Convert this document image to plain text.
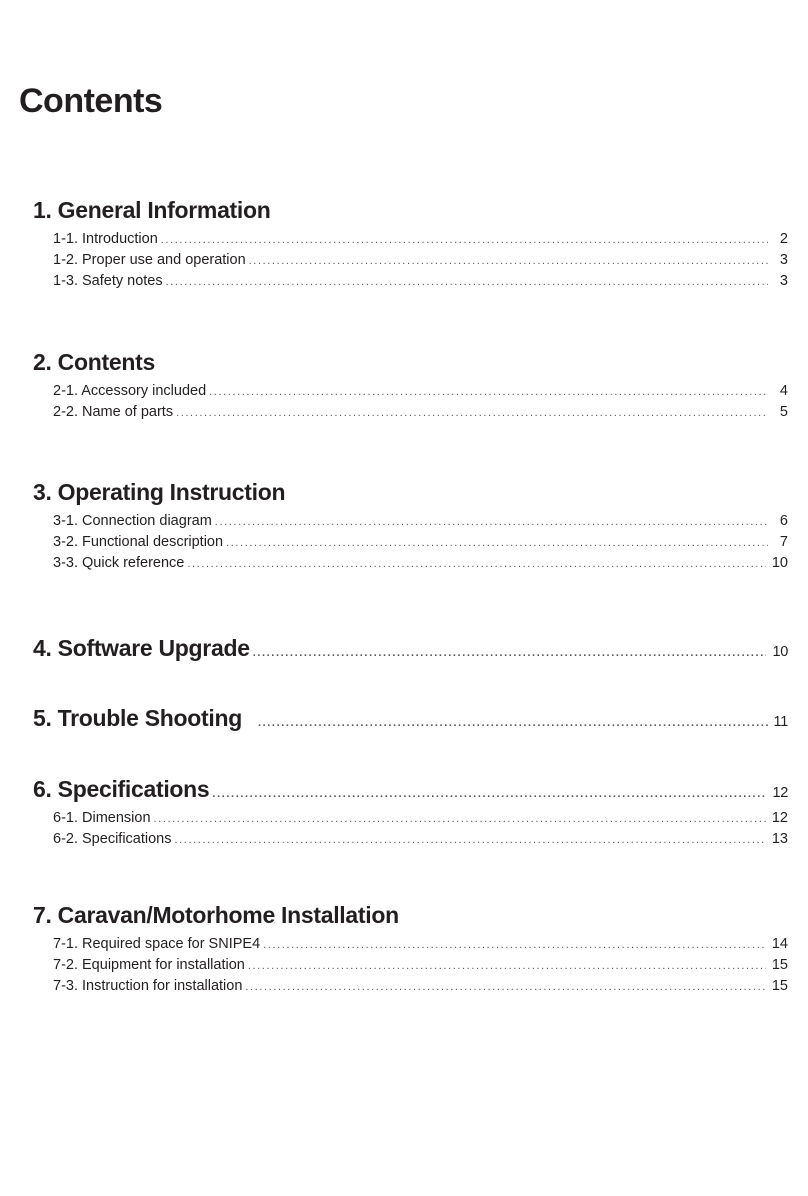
Contents
1. General Information
1-1. Introduction .....	2
1-2. Proper use and operation .....	3
1-3. Safety notes .....	3
2. Contents
2-1. Accessory included .....	4
2-2. Name of parts .....	5
3. Operating Instruction
3-1. Connection diagram .....	6
3-2. Functional description .....	7
3-3. Quick reference .....	10
4. Software Upgrade .....	10
5. Trouble Shooting .....	11
6. Specifications .....	12
6-1. Dimension .....	12
6-2. Specifications .....	13
7. Caravan/Motorhome Installation
7-1. Required space for SNIPE4 .....	14
7-2. Equipment for installation .....	15
7-3. Instruction for installation .....	15
